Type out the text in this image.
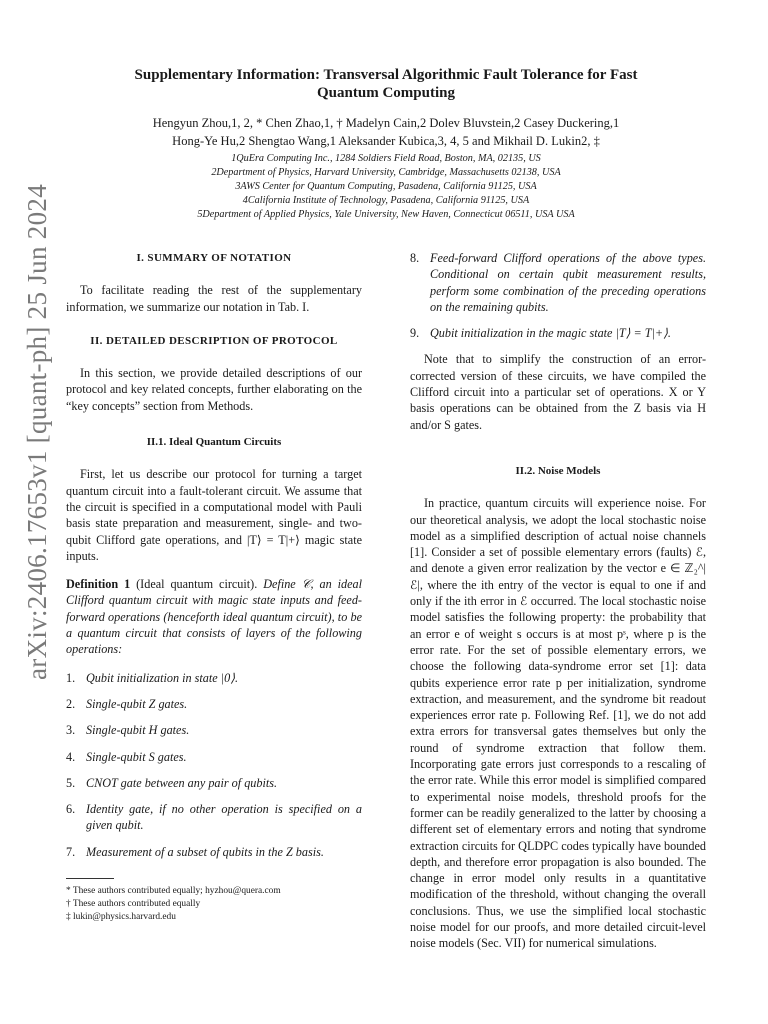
arXiv:2406.17653v1 [quant-ph] 25 Jun 2024
Supplementary Information: Transversal Algorithmic Fault Tolerance for Fast Quantum Computing
Hengyun Zhou,1, 2, * Chen Zhao,1, † Madelyn Cain,2 Dolev Bluvstein,2 Casey Duckering,1
Hong-Ye Hu,2 Shengtao Wang,1 Aleksander Kubica,3, 4, 5 and Mikhail D. Lukin2, ‡
1QuEra Computing Inc., 1284 Soldiers Field Road, Boston, MA, 02135, US
2Department of Physics, Harvard University, Cambridge, Massachusetts 02138, USA
3AWS Center for Quantum Computing, Pasadena, California 91125, USA
4California Institute of Technology, Pasadena, California 91125, USA
5Department of Applied Physics, Yale University, New Haven, Connecticut 06511, USA USA
I. SUMMARY OF NOTATION

To facilitate reading the rest of the supplementary information, we summarize our notation in Tab. I.

II. DETAILED DESCRIPTION OF PROTOCOL

In this section, we provide detailed descriptions of our protocol and key related concepts, further elaborating on the “key concepts” section from Methods.

II.1. Ideal Quantum Circuits

First, let us describe our protocol for turning a target quantum circuit into a fault-tolerant circuit. We assume that the circuit is specified in a computational model with Pauli basis state preparation and measurement, single- and two-qubit Clifford gate operations, and |T⟩ = T|+⟩ magic state inputs.

Definition 1 (Ideal quantum circuit). Define 𝒞, an ideal Clifford quantum circuit with magic state inputs and feed-forward operations (henceforth ideal quantum circuit), to be a quantum circuit that consists of layers of the following operations:

1. Qubit initialization in state |0⟩.
2. Single-qubit Z gates.
3. Single-qubit H gates.
4. Single-qubit S gates.
5. CNOT gate between any pair of qubits.
6. Identity gate, if no other operation is specified on a given qubit.
7. Measurement of a subset of qubits in the Z basis.
* These authors contributed equally; hyzhou@quera.com
† These authors contributed equally
‡ lukin@physics.harvard.edu
8. Feed-forward Clifford operations of the above types. Conditional on certain qubit measurement results, perform some combination of the preceding operations on the remaining qubits.
9. Qubit initialization in the magic state |T⟩ = T|+⟩.

Note that to simplify the construction of an error-corrected version of these circuits, we have compiled the Clifford circuit into a particular set of operations. X or Y basis operations can be obtained from the Z basis via H and/or S gates.

II.2. Noise Models

In practice, quantum circuits will experience noise. For our theoretical analysis, we adopt the local stochastic noise model as a simplified description of actual noise channels [1]. Consider a set of possible elementary errors (faults) ℰ, and denote a given error realization by the vector e ∈ ℤ₂^|ℰ|, where the ith entry of the vector is equal to one if and only if the ith error in ℰ occurred. The local stochastic noise model satisfies the following property: the probability that an error e of weight s occurs is at most pˢ, where p is the error rate. For the set of possible elementary errors, we choose the following data-syndrome error set [1]: data qubits experience error rate p per initialization, syndrome extraction, and measurement, and the syndrome bit readout experiences error rate p. Following Ref. [1], we do not add extra errors for transversal gates themselves but only the round of syndrome extraction that follow them. Incorporating gate errors just corresponds to a rescaling of the error rate. While this error model is simplified compared to experimental noise models, threshold proofs for the former can be readily generalized to the latter by choosing a different set of elementary errors and noting that syndrome extraction circuits for QLDPC codes typically have bounded depth, and therefore error propagation is also bounded. The change in error model only results in a quantitative modification of the threshold, without changing the overall conclusions. Thus, we use the simplified local stochastic noise model for our proofs, and more detailed circuit-level noise models (Sec. VII) for numerical simulations.
